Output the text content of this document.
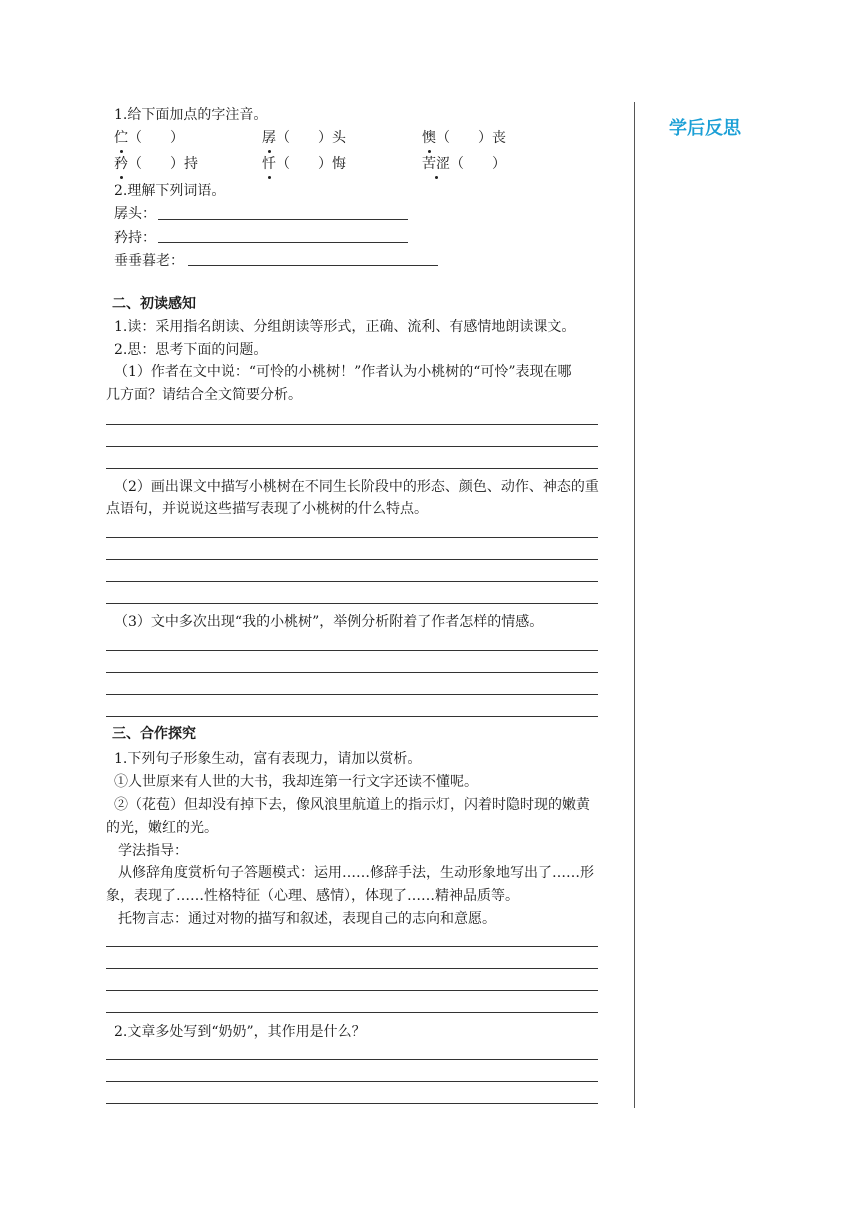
学后反思
1.给下面加点的字注音。
伫（　　）	孱（　　）头	懊（　　）丧
矜（　　）持	忏（　　）悔	苦涩（　　）
2.理解下列词语。
孱头：
矜持：
垂垂暮老：
二、初读感知
1.读：采用指名朗读、分组朗读等形式，正确、流利、有感情地朗读课文。
2.思：思考下面的问题。
（1）作者在文中说：“可怜的小桃树！”作者认为小桃树的“可怜”表现在哪
几方面？请结合全文简要分析。
（2）画出课文中描写小桃树在不同生长阶段中的形态、颜色、动作、神态的重
点语句，并说说这些描写表现了小桃树的什么特点。
（3）文中多次出现“我的小桃树”，举例分析附着了作者怎样的情感。
三、合作探究
1.下列句子形象生动，富有表现力，请加以赏析。
①人世原来有人世的大书，我却连第一行文字还读不懂呢。
②（花苞）但却没有掉下去，像风浪里航道上的指示灯，闪着时隐时现的嫩黄
的光，嫩红的光。
学法指导：
从修辞角度赏析句子答题模式：运用……修辞手法，生动形象地写出了……形
象，表现了……性格特征（心理、感情），体现了……精神品质等。
托物言志：通过对物的描写和叙述，表现自己的志向和意愿。
2.文章多处写到“奶奶”，其作用是什么？
